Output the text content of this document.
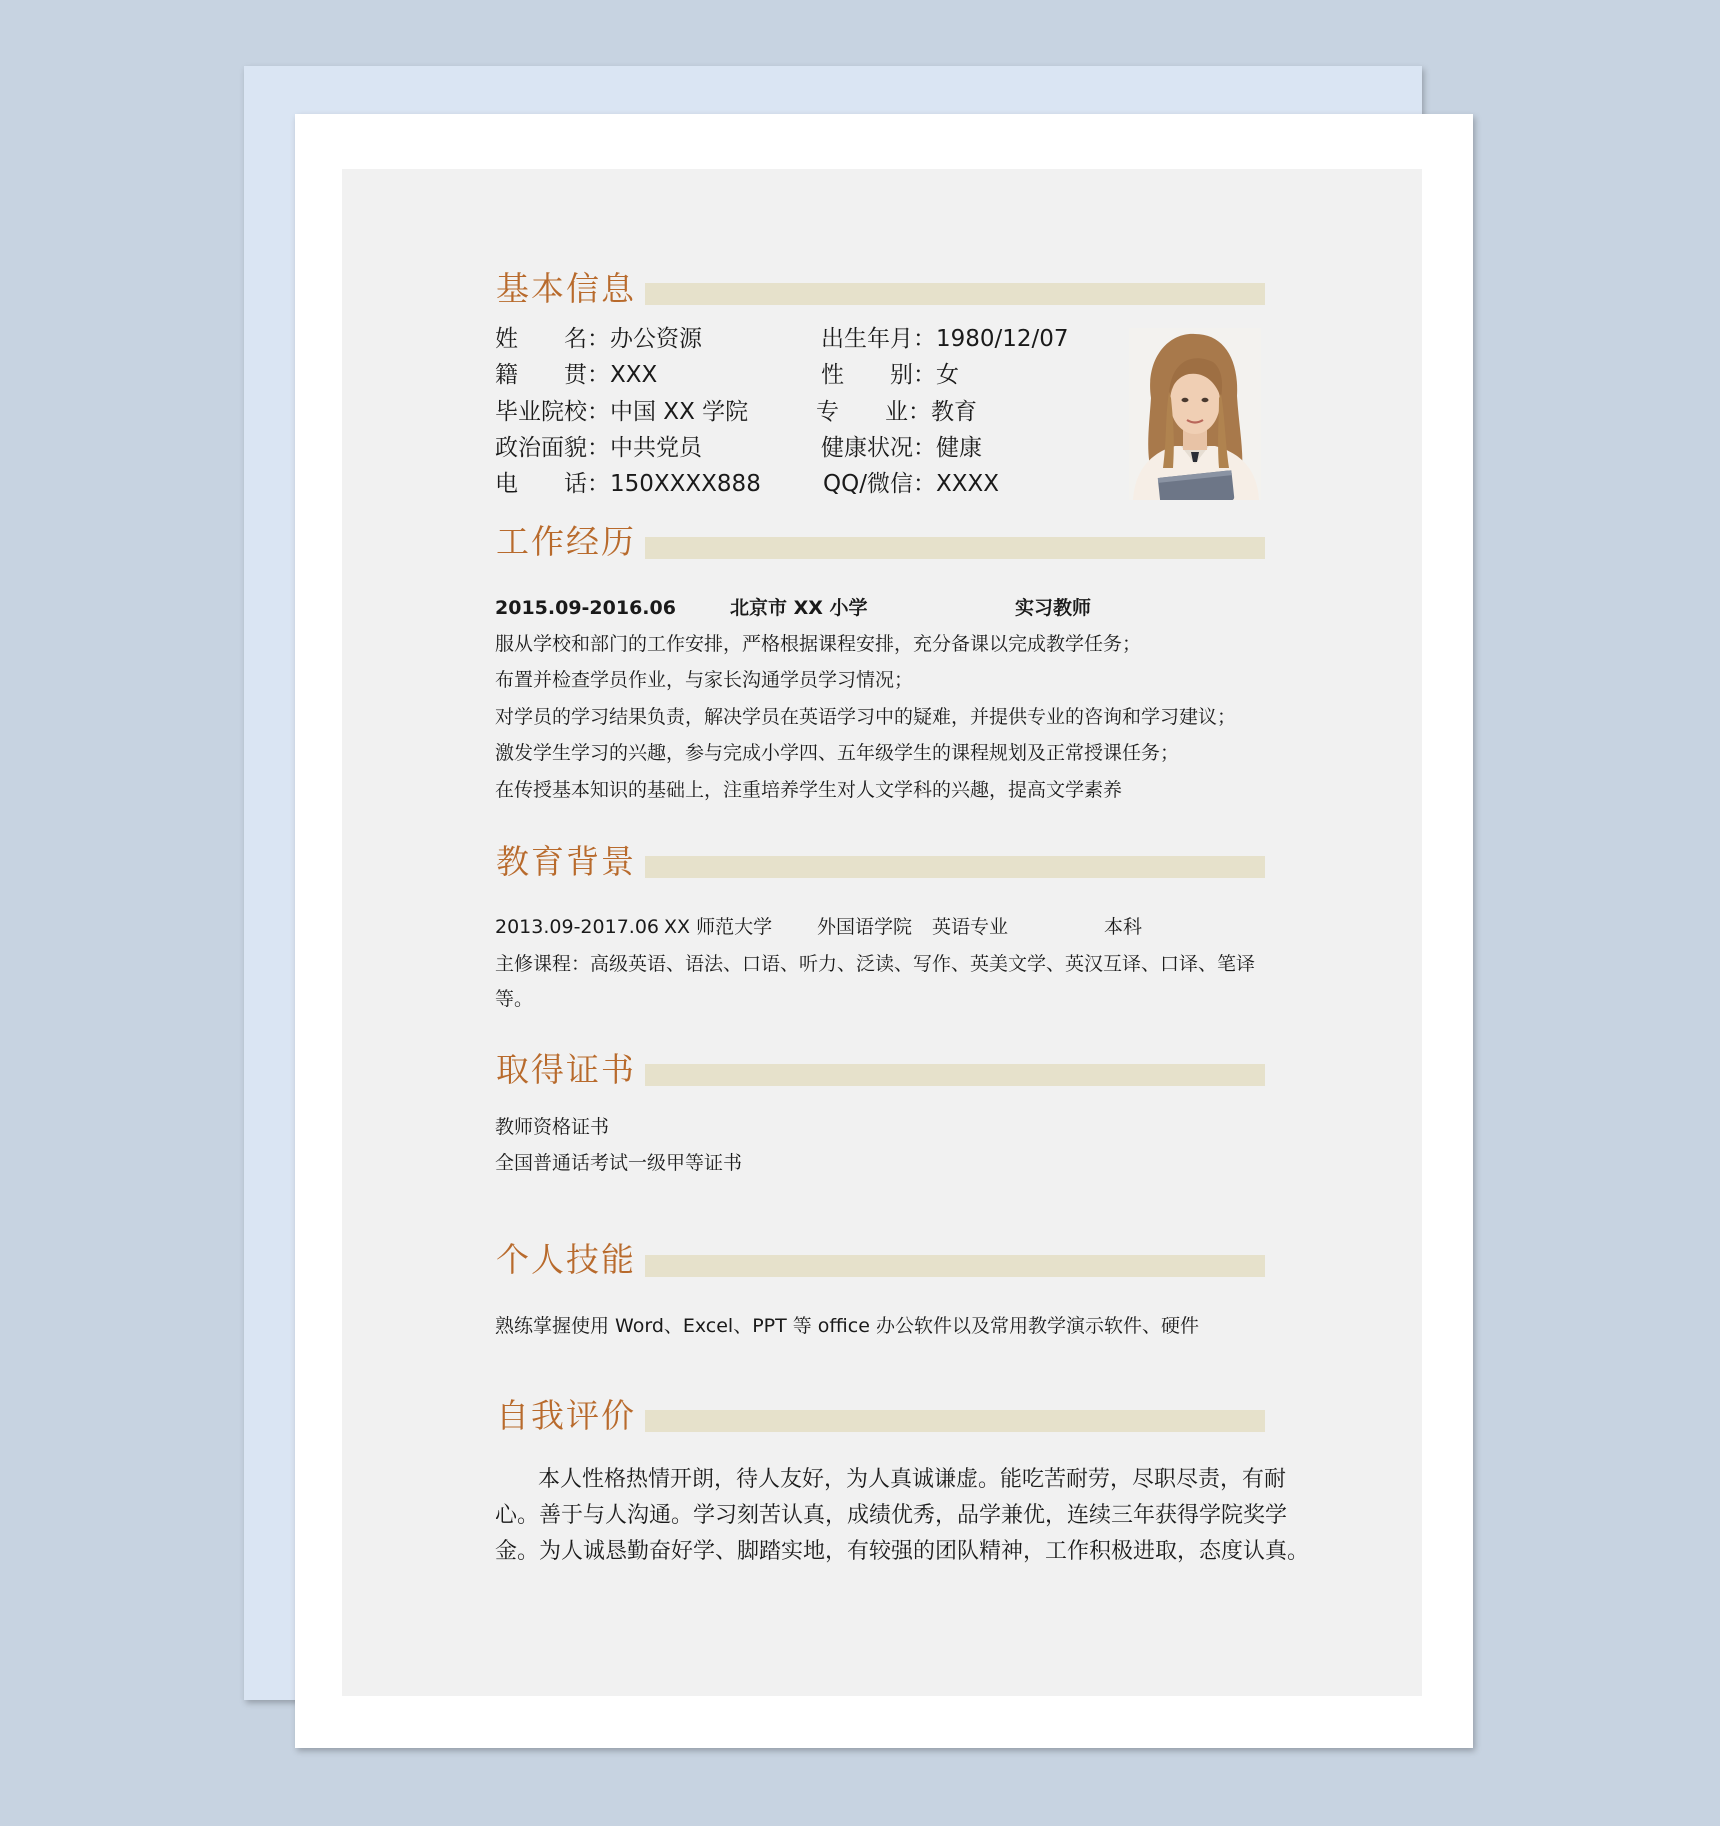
基本信息
姓　　名：办公资源	出生年月：1980/12/07
籍　　贯：XXX	性　　别：女
毕业院校：中国 XX 学院	专　　业：教育
政治面貌：中共党员	健康状况：健康
电　　话：150XXXX888	QQ/微信：XXXX
工作经历
2015.09-2016.06	北京市 XX 小学	实习教师
服从学校和部门的工作安排，严格根据课程安排，充分备课以完成教学任务；
布置并检查学员作业，与家长沟通学员学习情况；
对学员的学习结果负责，解决学员在英语学习中的疑难，并提供专业的咨询和学习建议；
激发学生学习的兴趣，参与完成小学四、五年级学生的课程规划及正常授课任务；
在传授基本知识的基础上，注重培养学生对人文学科的兴趣，提高文学素养
教育背景
2013.09-2017.06 XX 师范大学 外国语学院 英语专业	本科
主修课程：高级英语、语法、口语、听力、泛读、写作、英美文学、英汉互译、口译、笔译
等。
取得证书
教师资格证书
全国普通话考试一级甲等证书
个人技能
熟练掌握使用 Word、Excel、PPT 等 office 办公软件以及常用教学演示软件、硬件
自我评价
本人性格热情开朗，待人友好，为人真诚谦虚。能吃苦耐劳，尽职尽责，有耐
心。善于与人沟通。学习刻苦认真，成绩优秀，品学兼优，连续三年获得学院奖学
金。为人诚恳勤奋好学、脚踏实地，有较强的团队精神，工作积极进取，态度认真。
